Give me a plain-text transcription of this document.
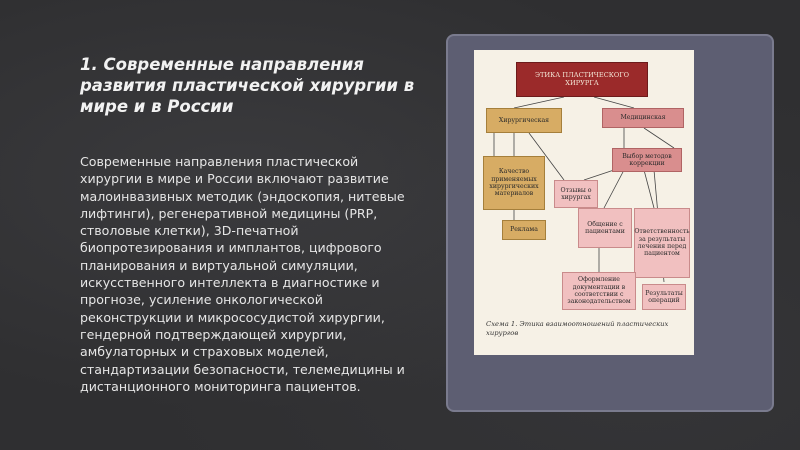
1. Современные направления развития пластической хирургии в мире и в России
Современные направления пластической хирургии в мире и России включают развитие малоинвазивных методик (эндоскопия, нитевые лифтинги), регенеративной медицины (PRP, стволовые клетки), 3D-печатной биопротезирования и имплантов, цифрового планирования и виртуальной симуляции, искусственного интеллекта в диагностике и прогнозе, усиление онкологической реконструкции и микрососудистой хирургии, гендерной подтверждающей хирургии, амбулаторных и страховых моделей, стандартизации безопасности, телемедицины и дистанционного мониторинга пациентов.
ЭТИКА ПЛАСТИЧЕСКОГО ХИРУРГА
Хирургическая	Медицинская
Качество применяемых хирургических материалов
Реклама
Отзывы о хирургах
Выбор методов коррекции
Общение с пациентами	Ответственность за результаты лечения перед пациентом
Оформление документации в соответствии с законодательством
Результаты операций
Схема 1. Этика взаимоотношений пластических хирургов
